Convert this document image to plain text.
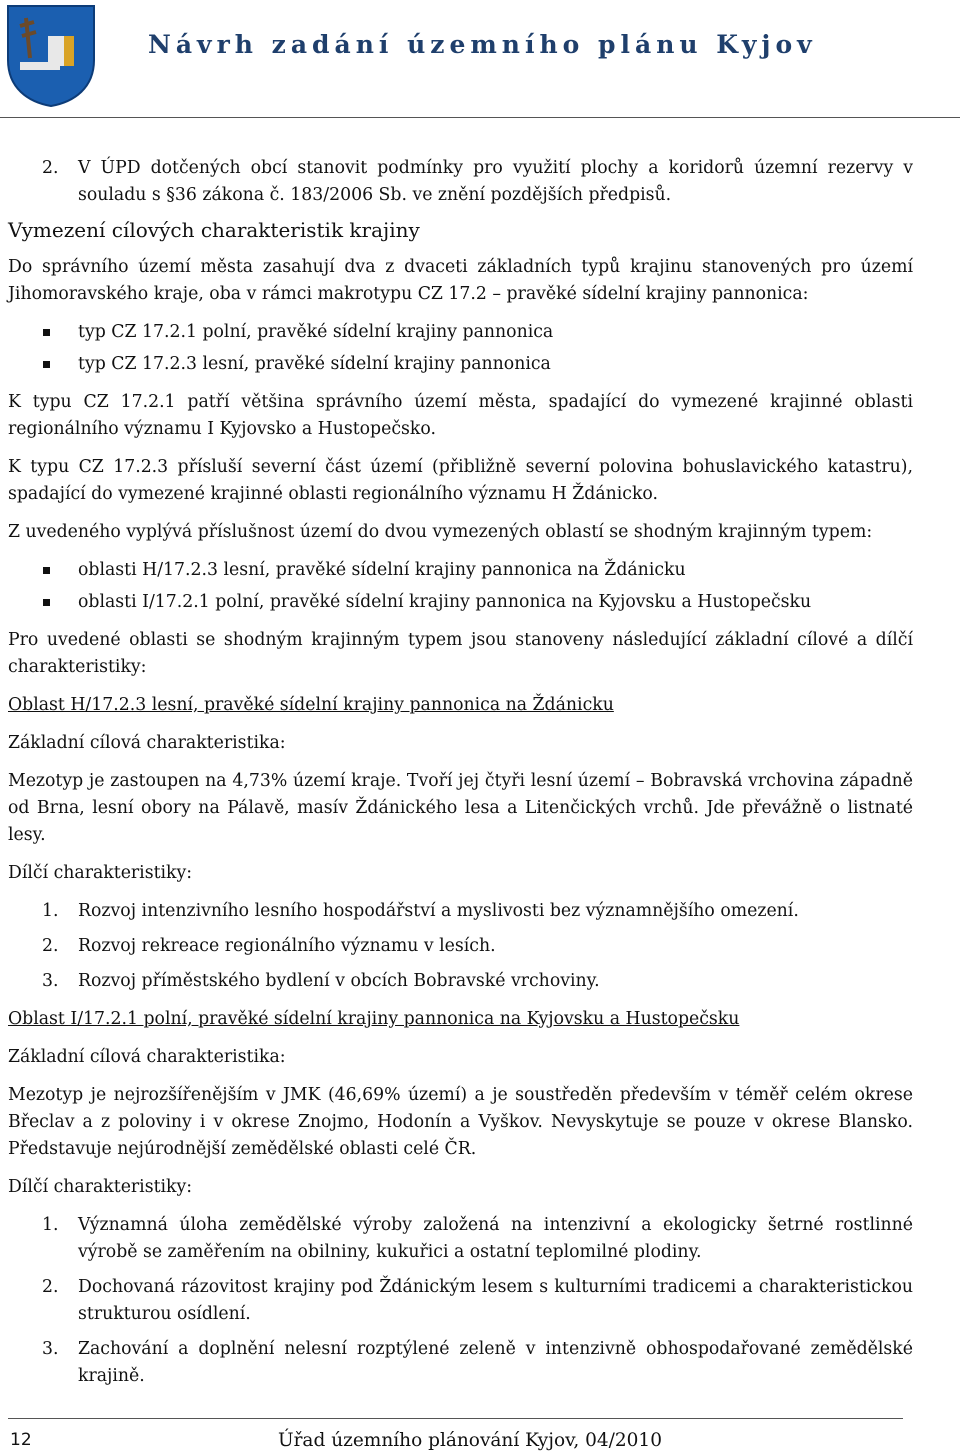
Návrh zadání územního plánu Kyjov
2. V ÚPD dotčených obcí stanovit podmínky pro využití plochy a koridorů územní rezervy v souladu s §36 zákona č. 183/2006 Sb. ve znění pozdějších předpisů.
Vymezení cílových charakteristik krajiny

Do správního území města zasahují dva z dvaceti základních typů krajinu stanovených pro území Jihomoravského kraje, oba v rámci makrotypu CZ 17.2 – pravěké sídelní krajiny pannonica:

typ CZ 17.2.1 polní, pravěké sídelní krajiny pannonica
typ CZ 17.2.3 lesní, pravěké sídelní krajiny pannonica

K typu CZ 17.2.1 patří většina správního území města, spadající do vymezené krajinné oblasti regionálního významu I Kyjovsko a Hustopečsko.

K typu CZ 17.2.3 přísluší severní část území (přibližně severní polovina bohuslavického katastru), spadající do vymezené krajinné oblasti regionálního významu H Ždánicko.

Z uvedeného vyplývá příslušnost území do dvou vymezených oblastí se shodným krajinným typem:

oblasti H/17.2.3 lesní, pravěké sídelní krajiny pannonica na Ždánicku
oblasti I/17.2.1 polní, pravěké sídelní krajiny pannonica na Kyjovsku a Hustopečsku

Pro uvedené oblasti se shodným krajinným typem jsou stanoveny následující základní cílové a dílčí charakteristiky:

Oblast H/17.2.3 lesní, pravěké sídelní krajiny pannonica na Ždánicku

Základní cílová charakteristika:

Mezotyp je zastoupen na 4,73% území kraje. Tvoří jej čtyři lesní území – Bobravská vrchovina západně od Brna, lesní obory na Pálavě, masív Ždánického lesa a Litenčických vrchů. Jde převážně o listnaté lesy.

Dílčí charakteristiky:

1. Rozvoj intenzivního lesního hospodářství a myslivosti bez významnějšího omezení.
2. Rozvoj rekreace regionálního významu v lesích.
3. Rozvoj příměstského bydlení v obcích Bobravské vrchoviny.

Oblast I/17.2.1 polní, pravěké sídelní krajiny pannonica na Kyjovsku a Hustopečsku

Základní cílová charakteristika:

Mezotyp je nejrozšířenějším v JMK (46,69% území) a je soustředěn především v téměř celém okrese Břeclav a z poloviny i v okrese Znojmo, Hodonín a Vyškov. Nevyskytuje se pouze v okrese Blansko. Představuje nejúrodnější zemědělské oblasti celé ČR.

Dílčí charakteristiky:

1. Významná úloha zemědělské výroby založená na intenzivní a ekologicky šetrné rostlinné výrobě se zaměřením na obilniny, kukuřici a ostatní teplomilné plodiny.
2. Dochovaná rázovitost krajiny pod Ždánickým lesem s kulturními tradicemi a charakteristickou strukturou osídlení.
3. Zachování a doplnění nelesní rozptýlené zeleně v intenzivně obhospodařované zemědělské krajině.
12	Úřad územního plánování Kyjov, 04/2010
